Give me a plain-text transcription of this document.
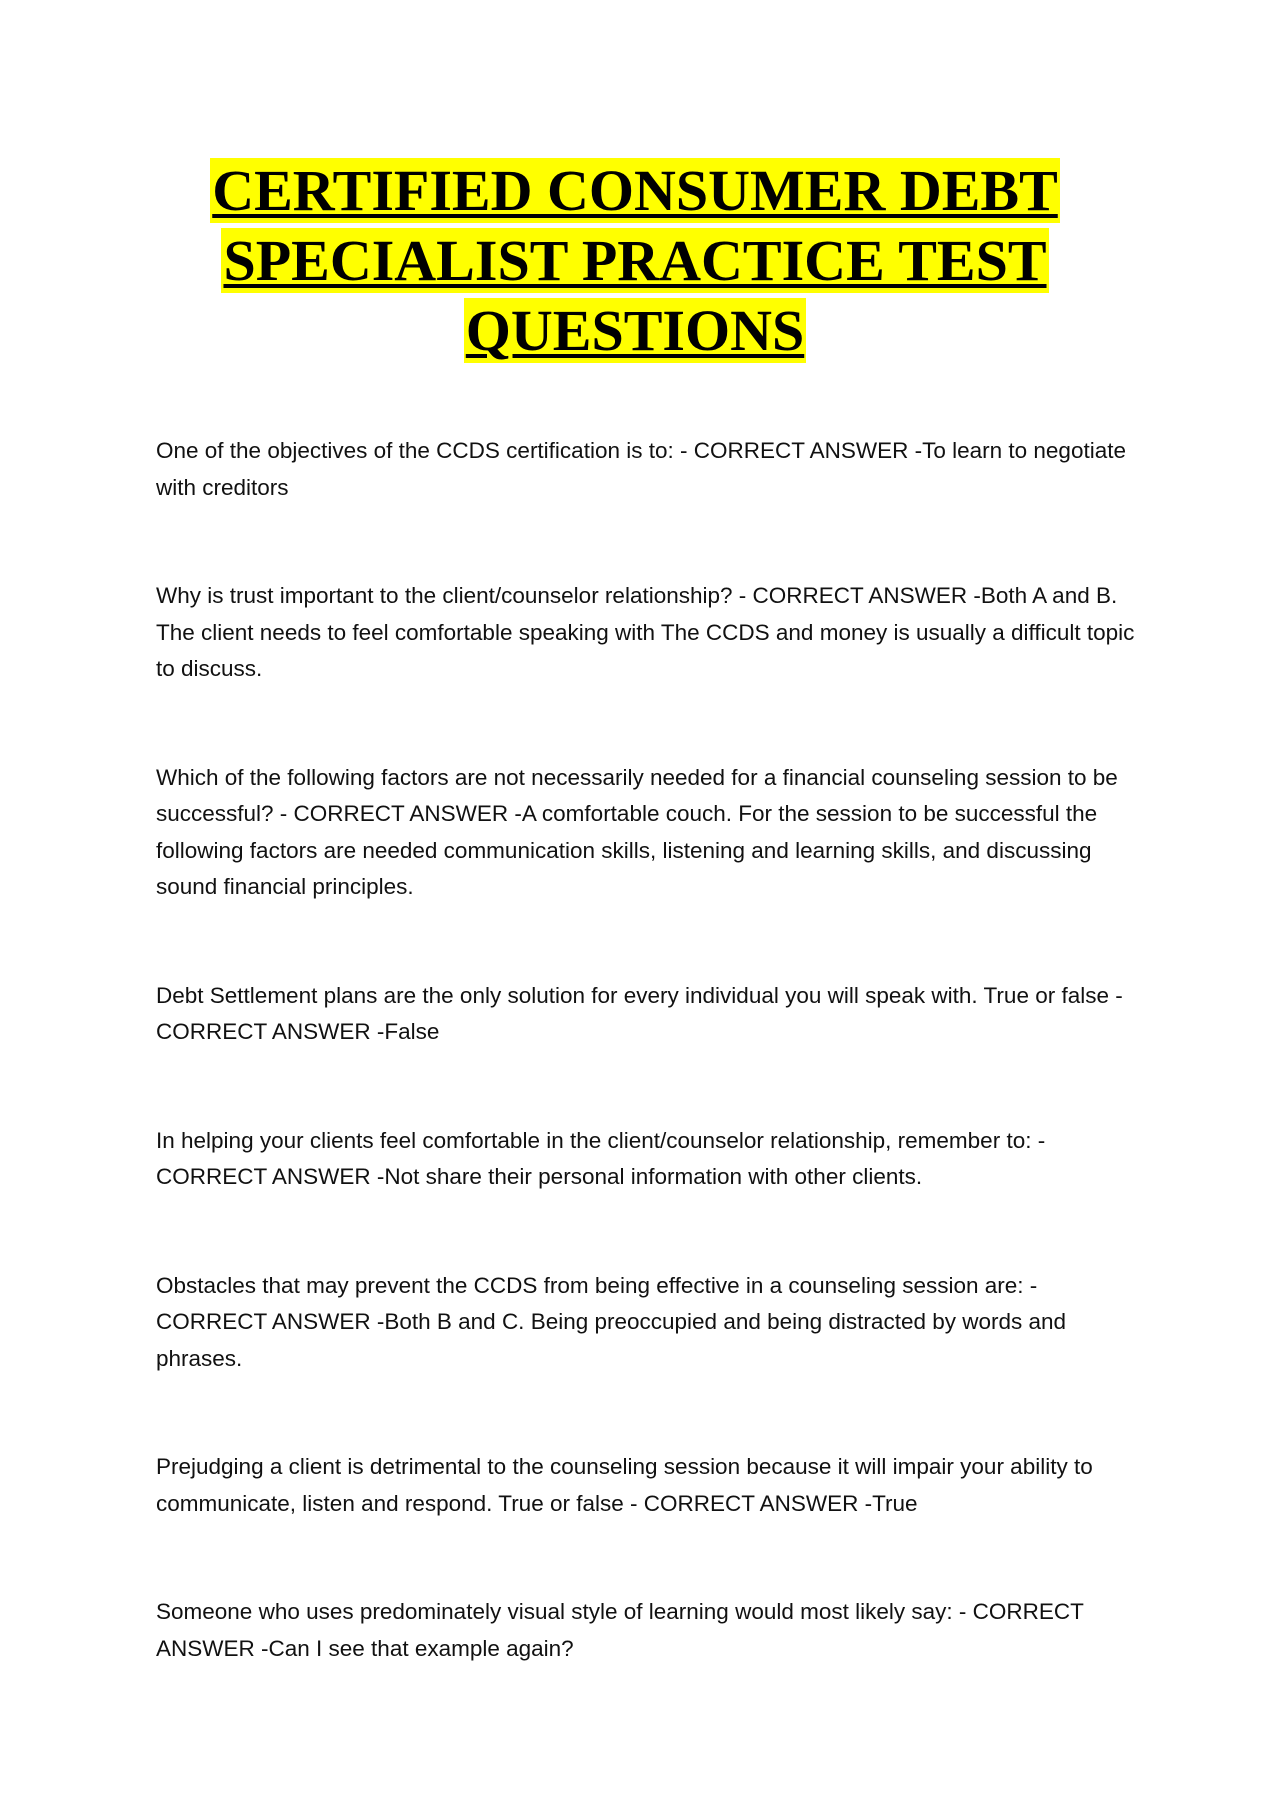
CERTIFIED CONSUMER DEBT
SPECIALIST PRACTICE TEST
QUESTIONS
One of the objectives of the CCDS certification is to: - CORRECT ANSWER -To learn to negotiate with creditors
Why is trust important to the client/counselor relationship? - CORRECT ANSWER -Both A and B. The client needs to feel comfortable speaking with The CCDS and money is usually a difficult topic to discuss.
Which of the following factors are not necessarily needed for a financial counseling session to be successful? - CORRECT ANSWER -A comfortable couch. For the session to be successful the following factors are needed communication skills, listening and learning skills, and discussing sound financial principles.
Debt Settlement plans are the only solution for every individual you will speak with. True or false - CORRECT ANSWER -False
In helping your clients feel comfortable in the client/counselor relationship, remember to: - CORRECT ANSWER -Not share their personal information with other clients.
Obstacles that may prevent the CCDS from being effective in a counseling session are: - CORRECT ANSWER -Both B and C. Being preoccupied and being distracted by words and phrases.
Prejudging a client is detrimental to the counseling session because it will impair your ability to communicate, listen and respond. True or false - CORRECT ANSWER -True
Someone who uses predominately visual style of learning would most likely say: - CORRECT ANSWER -Can I see that example again?
